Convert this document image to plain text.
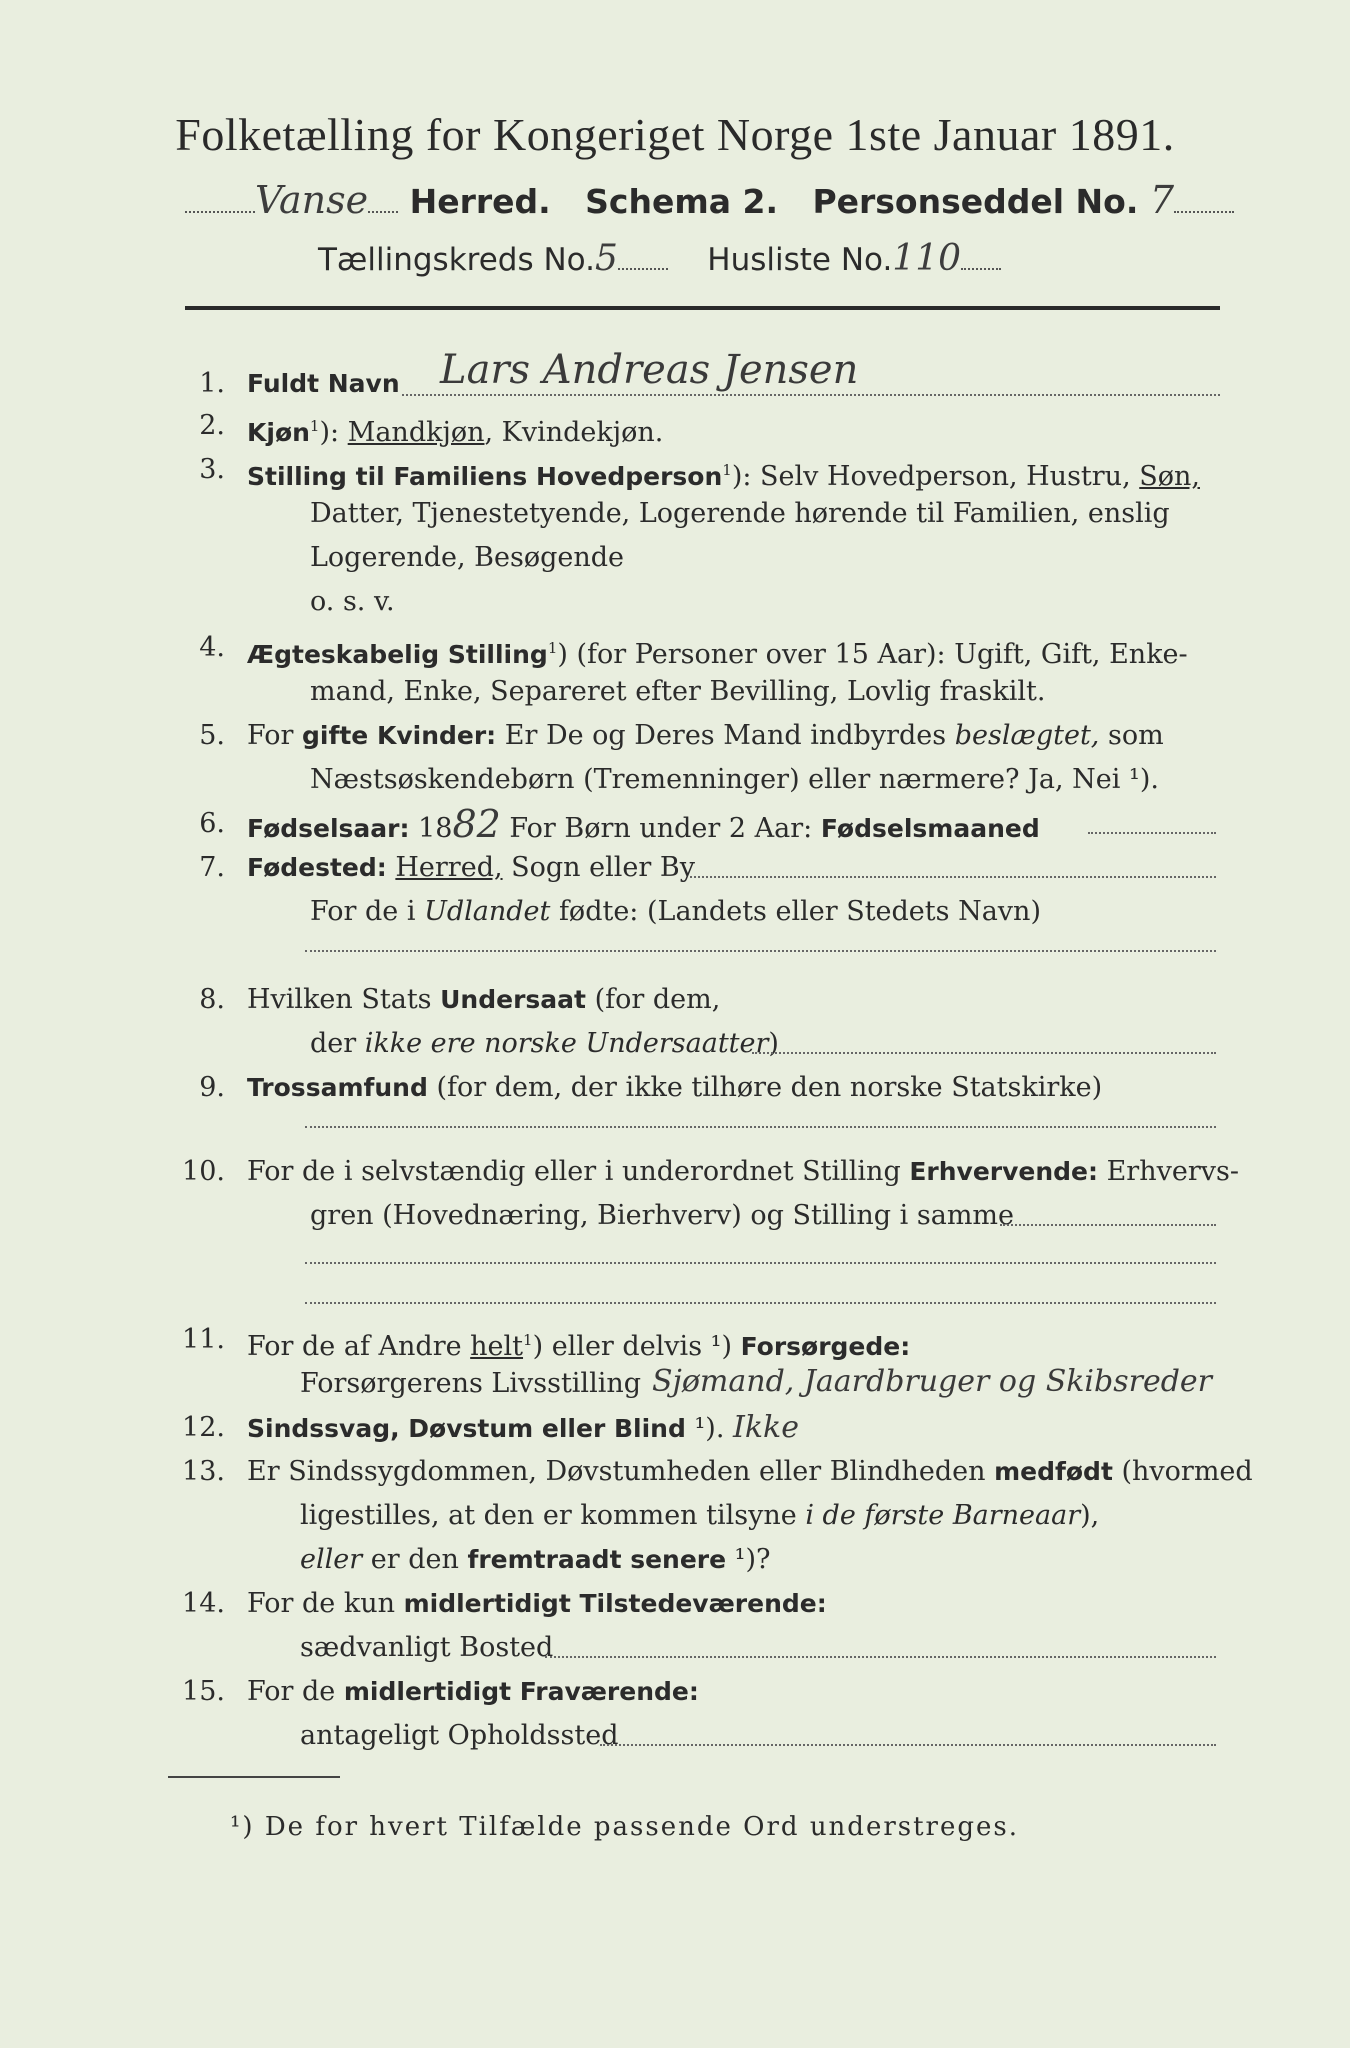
Folketælling for Kongeriget Norge 1ste Januar 1891.
Vanse Herred. Schema 2. Personseddel No. 7
Tællingskreds No.5	Husliste No.110
1. Fuldt Navn Lars Andreas Jensen
2. Kjøn$^1$): Mandkjøn, Kvindekjøn.
3. Stilling til Familiens Hovedperson$^1$): Selv Hovedperson, Hustru, Søn,
Datter, Tjenestetyende, Logerende hørende til Familien, enslig
Logerende, Besøgende
o. s. v.
4. Ægteskabelig Stilling$^1$) (for Personer over 15 Aar): Ugift, Gift, Enke-
mand, Enke, Separeret efter Bevilling, Lovlig fraskilt.
5. For gifte Kvinder: Er De og Deres Mand indbyrdes beslægtet, som
Næstsøskendebørn (Tremenninger) eller nærmere? Ja, Nei ¹).
6. Fødselsaar: 1882 For Børn under 2 Aar: Fødselsmaaned
7. Fødested: Herred, Sogn eller By
For de i Udlandet fødte: (Landets eller Stedets Navn)
8. Hvilken Stats Undersaat (for dem,
der ikke ere norske Undersaatter)
9. Trossamfund (for dem, der ikke tilhøre den norske Statskirke)
10. For de i selvstændig eller i underordnet Stilling Erhvervende: Erhvervs-
gren (Hovednæring, Bierhverv) og Stilling i samme
11. For de af Andre helt$^1$) eller delvis ¹) Forsørgede:
Forsørgerens Livsstilling Sjømand, Jaardbruger og Skibsreder
12. Sindssvag, Døvstum eller Blind ¹). Ikke
13. Er Sindssygdommen, Døvstumheden eller Blindheden medfødt (hvormed
ligestilles, at den er kommen tilsyne i de første Barneaar),
eller er den fremtraadt senere ¹)?
14. For de kun midlertidigt Tilstedeværende:
sædvanligt Bosted
15. For de midlertidigt Fraværende:
antageligt Opholdssted
¹) De for hvert Tilfælde passende Ord understreges.
